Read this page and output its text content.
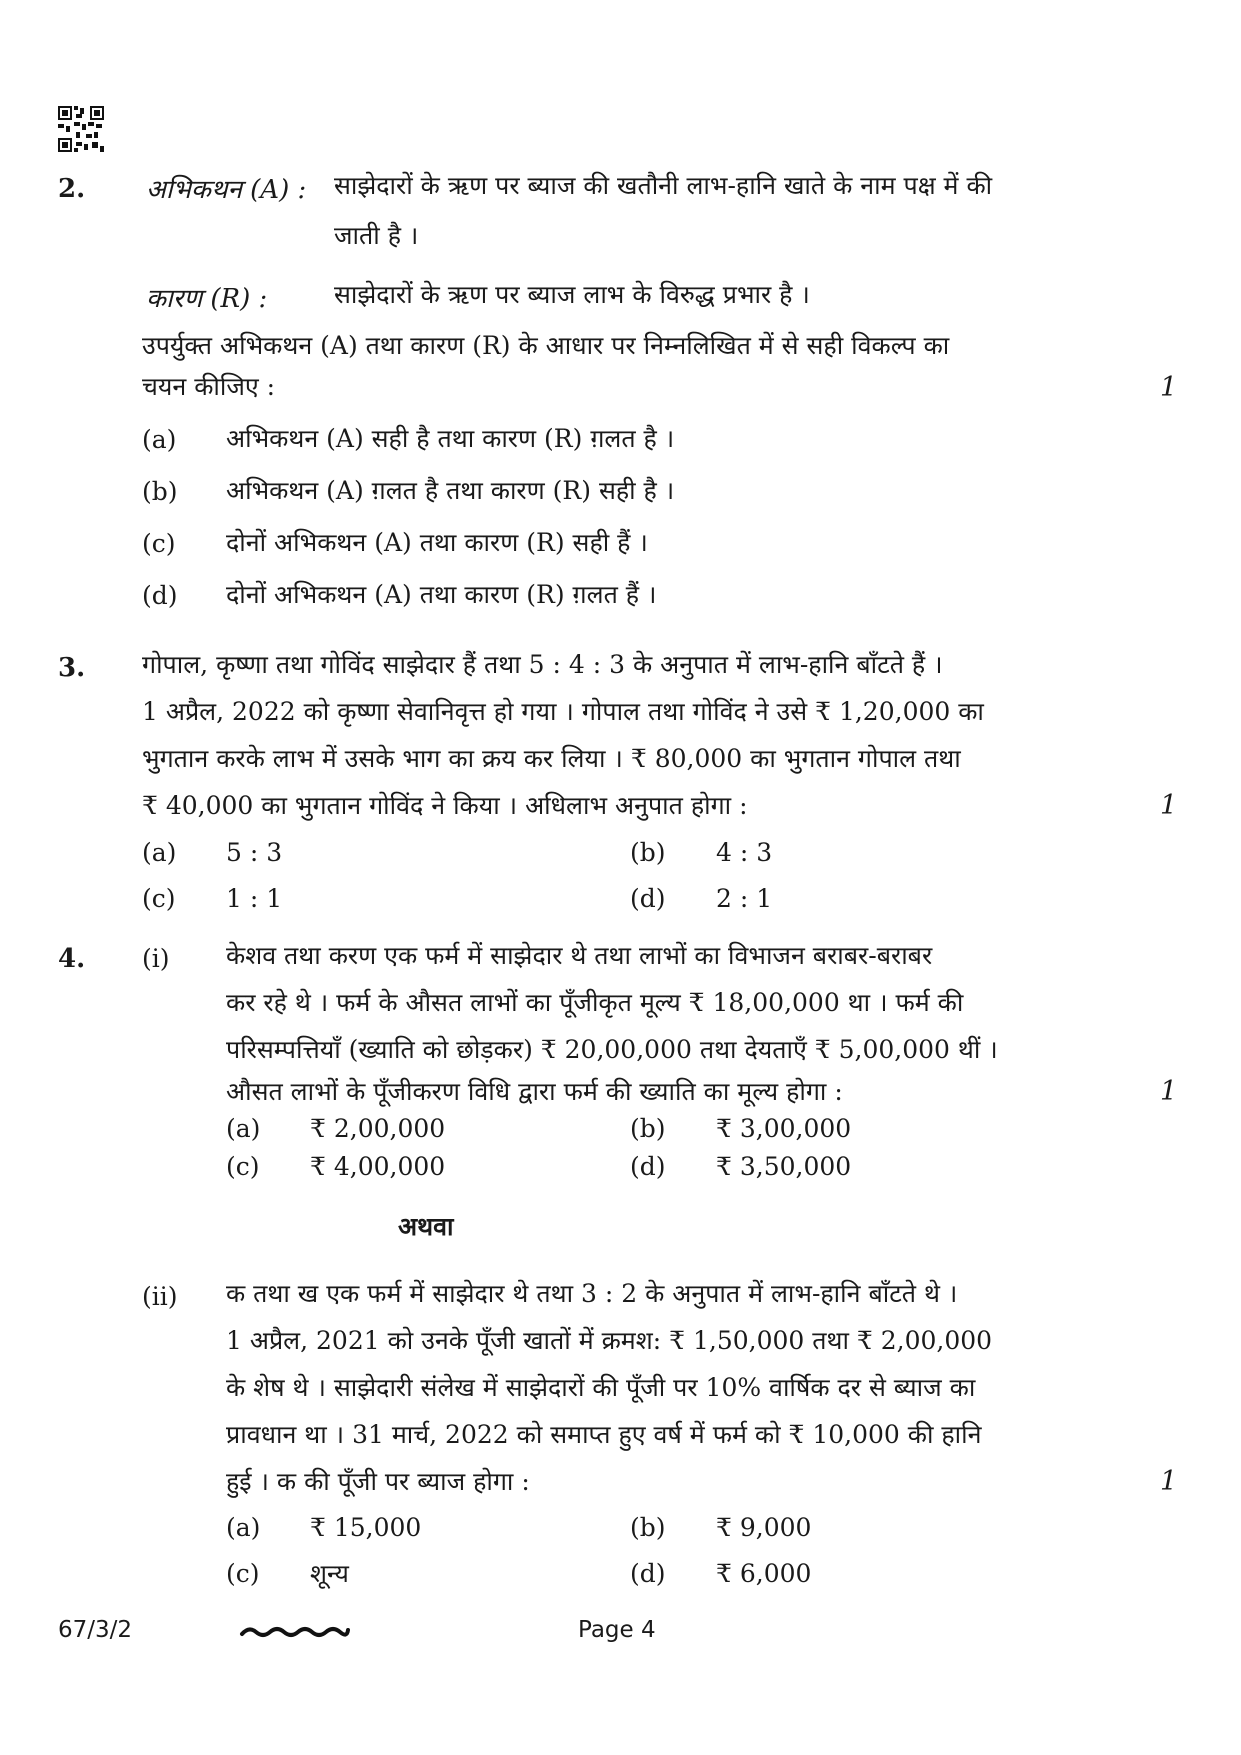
2. अभिकथन (A) : साझेदारों के ऋण पर ब्याज की खतौनी लाभ-हानि खाते के नाम पक्ष में की
जाती है ।
कारण (R) :	साझेदारों के ऋण पर ब्याज लाभ के विरुद्ध प्रभार है ।
उपर्युक्त अभिकथन (A) तथा कारण (R) के आधार पर निम्नलिखित में से सही विकल्प का
चयन कीजिए :	1
(a) अभिकथन (A) सही है तथा कारण (R) ग़लत है ।
(b) अभिकथन (A) ग़लत है तथा कारण (R) सही है ।
(c) दोनों अभिकथन (A) तथा कारण (R) सही हैं ।
(d) दोनों अभिकथन (A) तथा कारण (R) ग़लत हैं ।
3. गोपाल, कृष्णा तथा गोविंद साझेदार हैं तथा 5 : 4 : 3 के अनुपात में लाभ-हानि बाँटते हैं ।
1 अप्रैल, 2022 को कृष्णा सेवानिवृत्त हो गया । गोपाल तथा गोविंद ने उसे ₹ 1,20,000 का
भुगतान करके लाभ में उसके भाग का क्रय कर लिया । ₹ 80,000 का भुगतान गोपाल तथा
₹ 40,000 का भुगतान गोविंद ने किया । अधिलाभ अनुपात होगा :	1
(a) 5 : 3	(b) 4 : 3
(c) 1 : 1	(d) 2 : 1
4. (i) केशव तथा करण एक फर्म में साझेदार थे तथा लाभों का विभाजन बराबर-बराबर
कर रहे थे । फर्म के औसत लाभों का पूँजीकृत मूल्य ₹ 18,00,000 था । फर्म की
परिसम्पत्तियाँ (ख्याति को छोड़कर) ₹ 20,00,000 तथा देयताएँ ₹ 5,00,000 थीं ।
औसत लाभों के पूँजीकरण विधि द्वारा फर्म की ख्याति का मूल्य होगा :	1
(a) ₹ 2,00,000	(b) ₹ 3,00,000
(c) ₹ 4,00,000	(d) ₹ 3,50,000
अथवा
(ii) क तथा ख एक फर्म में साझेदार थे तथा 3 : 2 के अनुपात में लाभ-हानि बाँटते थे ।
1 अप्रैल, 2021 को उनके पूँजी खातों में क्रमश: ₹ 1,50,000 तथा ₹ 2,00,000
के शेष थे । साझेदारी संलेख में साझेदारों की पूँजी पर 10% वार्षिक दर से ब्याज का
प्रावधान था । 31 मार्च, 2022 को समाप्त हुए वर्ष में फर्म को ₹ 10,000 की हानि
हुई । क की पूँजी पर ब्याज होगा :	1
(a) ₹ 15,000	(b) ₹ 9,000
(c) शून्य	(d) ₹ 6,000
67/3/2	Page 4
